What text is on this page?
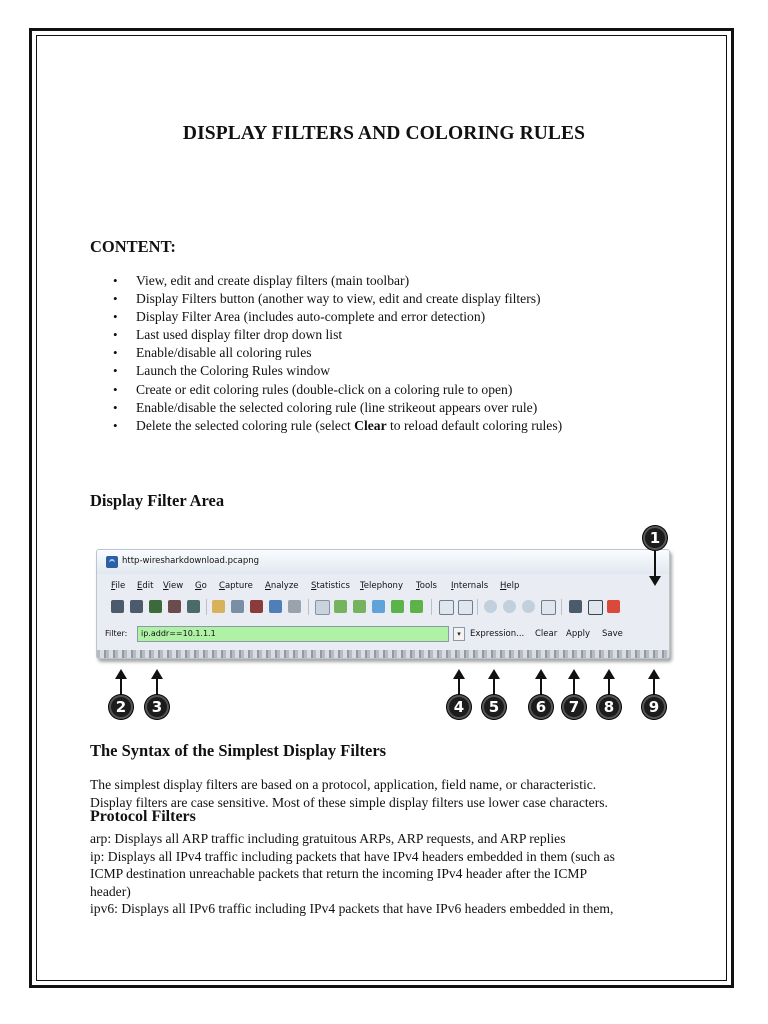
DISPLAY FILTERS AND COLORING RULES
CONTENT:
• View, edit and create display filters (main toolbar)
• Display Filters button (another way to view, edit and create display filters)
• Display Filter Area (includes auto-complete and error detection)
• Last used display filter drop down list
• Enable/disable all coloring rules
• Launch the Coloring Rules window
• Create or edit coloring rules (double-click on a coloring rule to open)
• Enable/disable the selected coloring rule (line strikeout appears over rule)
• Delete the selected coloring rule (select Clear to reload default coloring rules)
Display Filter Area
http-wiresharkdownload.pcapng
File Edit View Go Capture Analyze Statistics Telephony Tools Internals Help
Filter:	ip.addr==10.1.1.1	▾	Expression... Clear Apply Save
1
2	3	4	5	6	7	8	9
The Syntax of the Simplest Display Filters
The simplest display filters are based on a protocol, application, field name, or characteristic.
Display filters are case sensitive. Most of these simple display filters use lower case characters.
Protocol Filters
arp: Displays all ARP traffic including gratuitous ARPs, ARP requests, and ARP replies
ip: Displays all IPv4 traffic including packets that have IPv4 headers embedded in them (such as
ICMP destination unreachable packets that return the incoming IPv4 header after the ICMP
header)
ipv6: Displays all IPv6 traffic including IPv4 packets that have IPv6 headers embedded in them,
